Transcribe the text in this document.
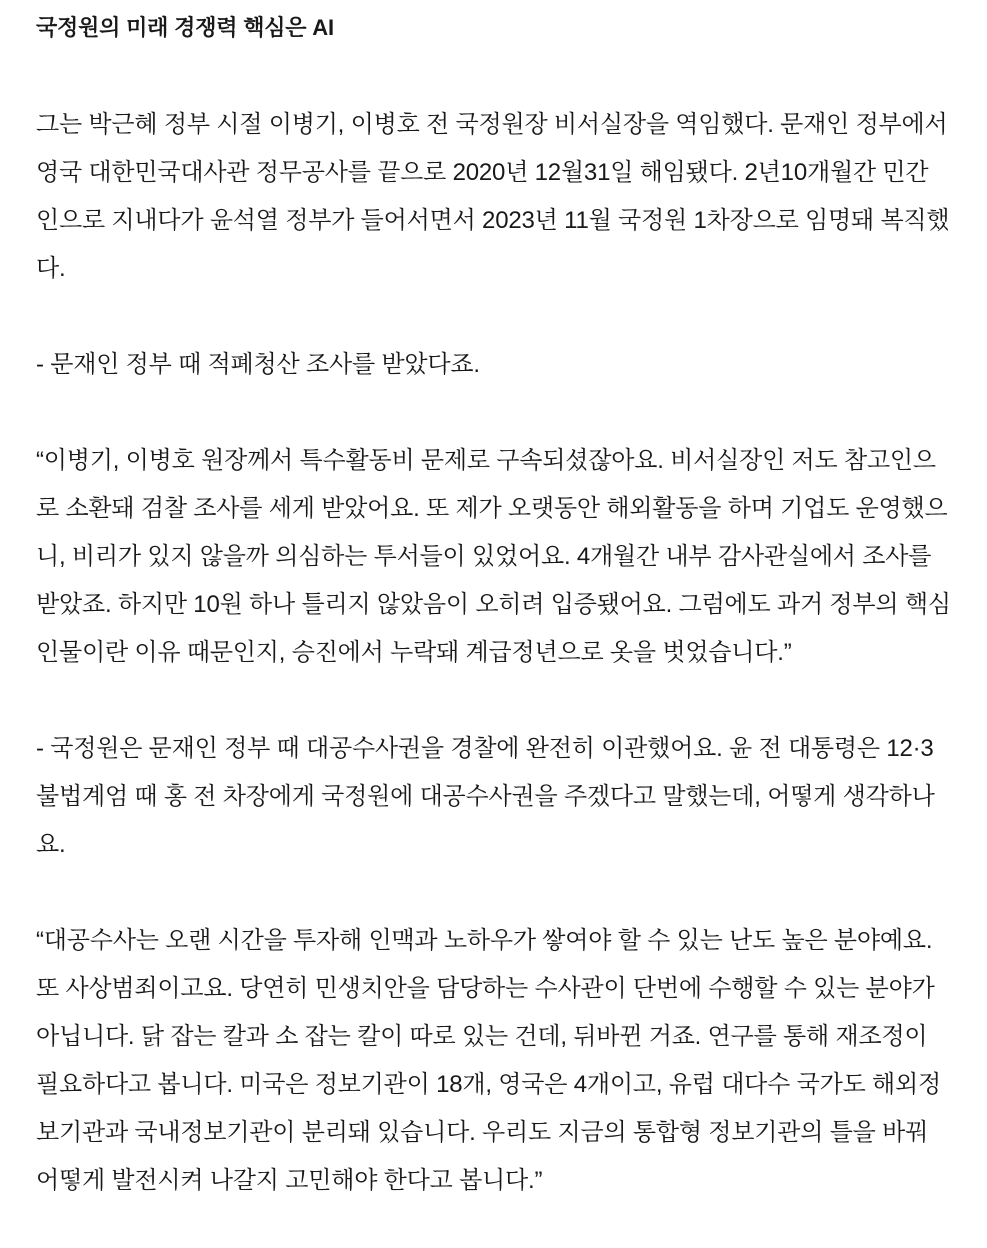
국정원의 미래 경쟁력 핵심은 AI

그는 박근혜 정부 시절 이병기, 이병호 전 국정원장 비서실장을 역임했다. 문재인 정부에서 영국 대한민국대사관 정무공사를 끝으로 2020년 12월31일 해임됐다. 2년10개월간 민간인으로 지내다가 윤석열 정부가 들어서면서 2023년 11월 국정원 1차장으로 임명돼 복직했다.

- 문재인 정부 때 적폐청산 조사를 받았다죠.

“이병기, 이병호 원장께서 특수활동비 문제로 구속되셨잖아요. 비서실장인 저도 참고인으로 소환돼 검찰 조사를 세게 받았어요. 또 제가 오랫동안 해외활동을 하며 기업도 운영했으니, 비리가 있지 않을까 의심하는 투서들이 있었어요. 4개월간 내부 감사관실에서 조사를 받았죠. 하지만 10원 하나 틀리지 않았음이 오히려 입증됐어요. 그럼에도 과거 정부의 핵심 인물이란 이유 때문인지, 승진에서 누락돼 계급정년으로 옷을 벗었습니다.”

- 국정원은 문재인 정부 때 대공수사권을 경찰에 완전히 이관했어요. 윤 전 대통령은 12·3 불법계엄 때 홍 전 차장에게 국정원에 대공수사권을 주겠다고 말했는데, 어떻게 생각하나요.

“대공수사는 오랜 시간을 투자해 인맥과 노하우가 쌓여야 할 수 있는 난도 높은 분야예요. 또 사상범죄이고요. 당연히 민생치안을 담당하는 수사관이 단번에 수행할 수 있는 분야가 아닙니다. 닭 잡는 칼과 소 잡는 칼이 따로 있는 건데, 뒤바뀐 거죠. 연구를 통해 재조정이 필요하다고 봅니다. 미국은 정보기관이 18개, 영국은 4개이고, 유럽 대다수 국가도 해외정보기관과 국내정보기관이 분리돼 있습니다. 우리도 지금의 통합형 정보기관의 틀을 바꿔 어떻게 발전시켜 나갈지 고민해야 한다고 봅니다.”
